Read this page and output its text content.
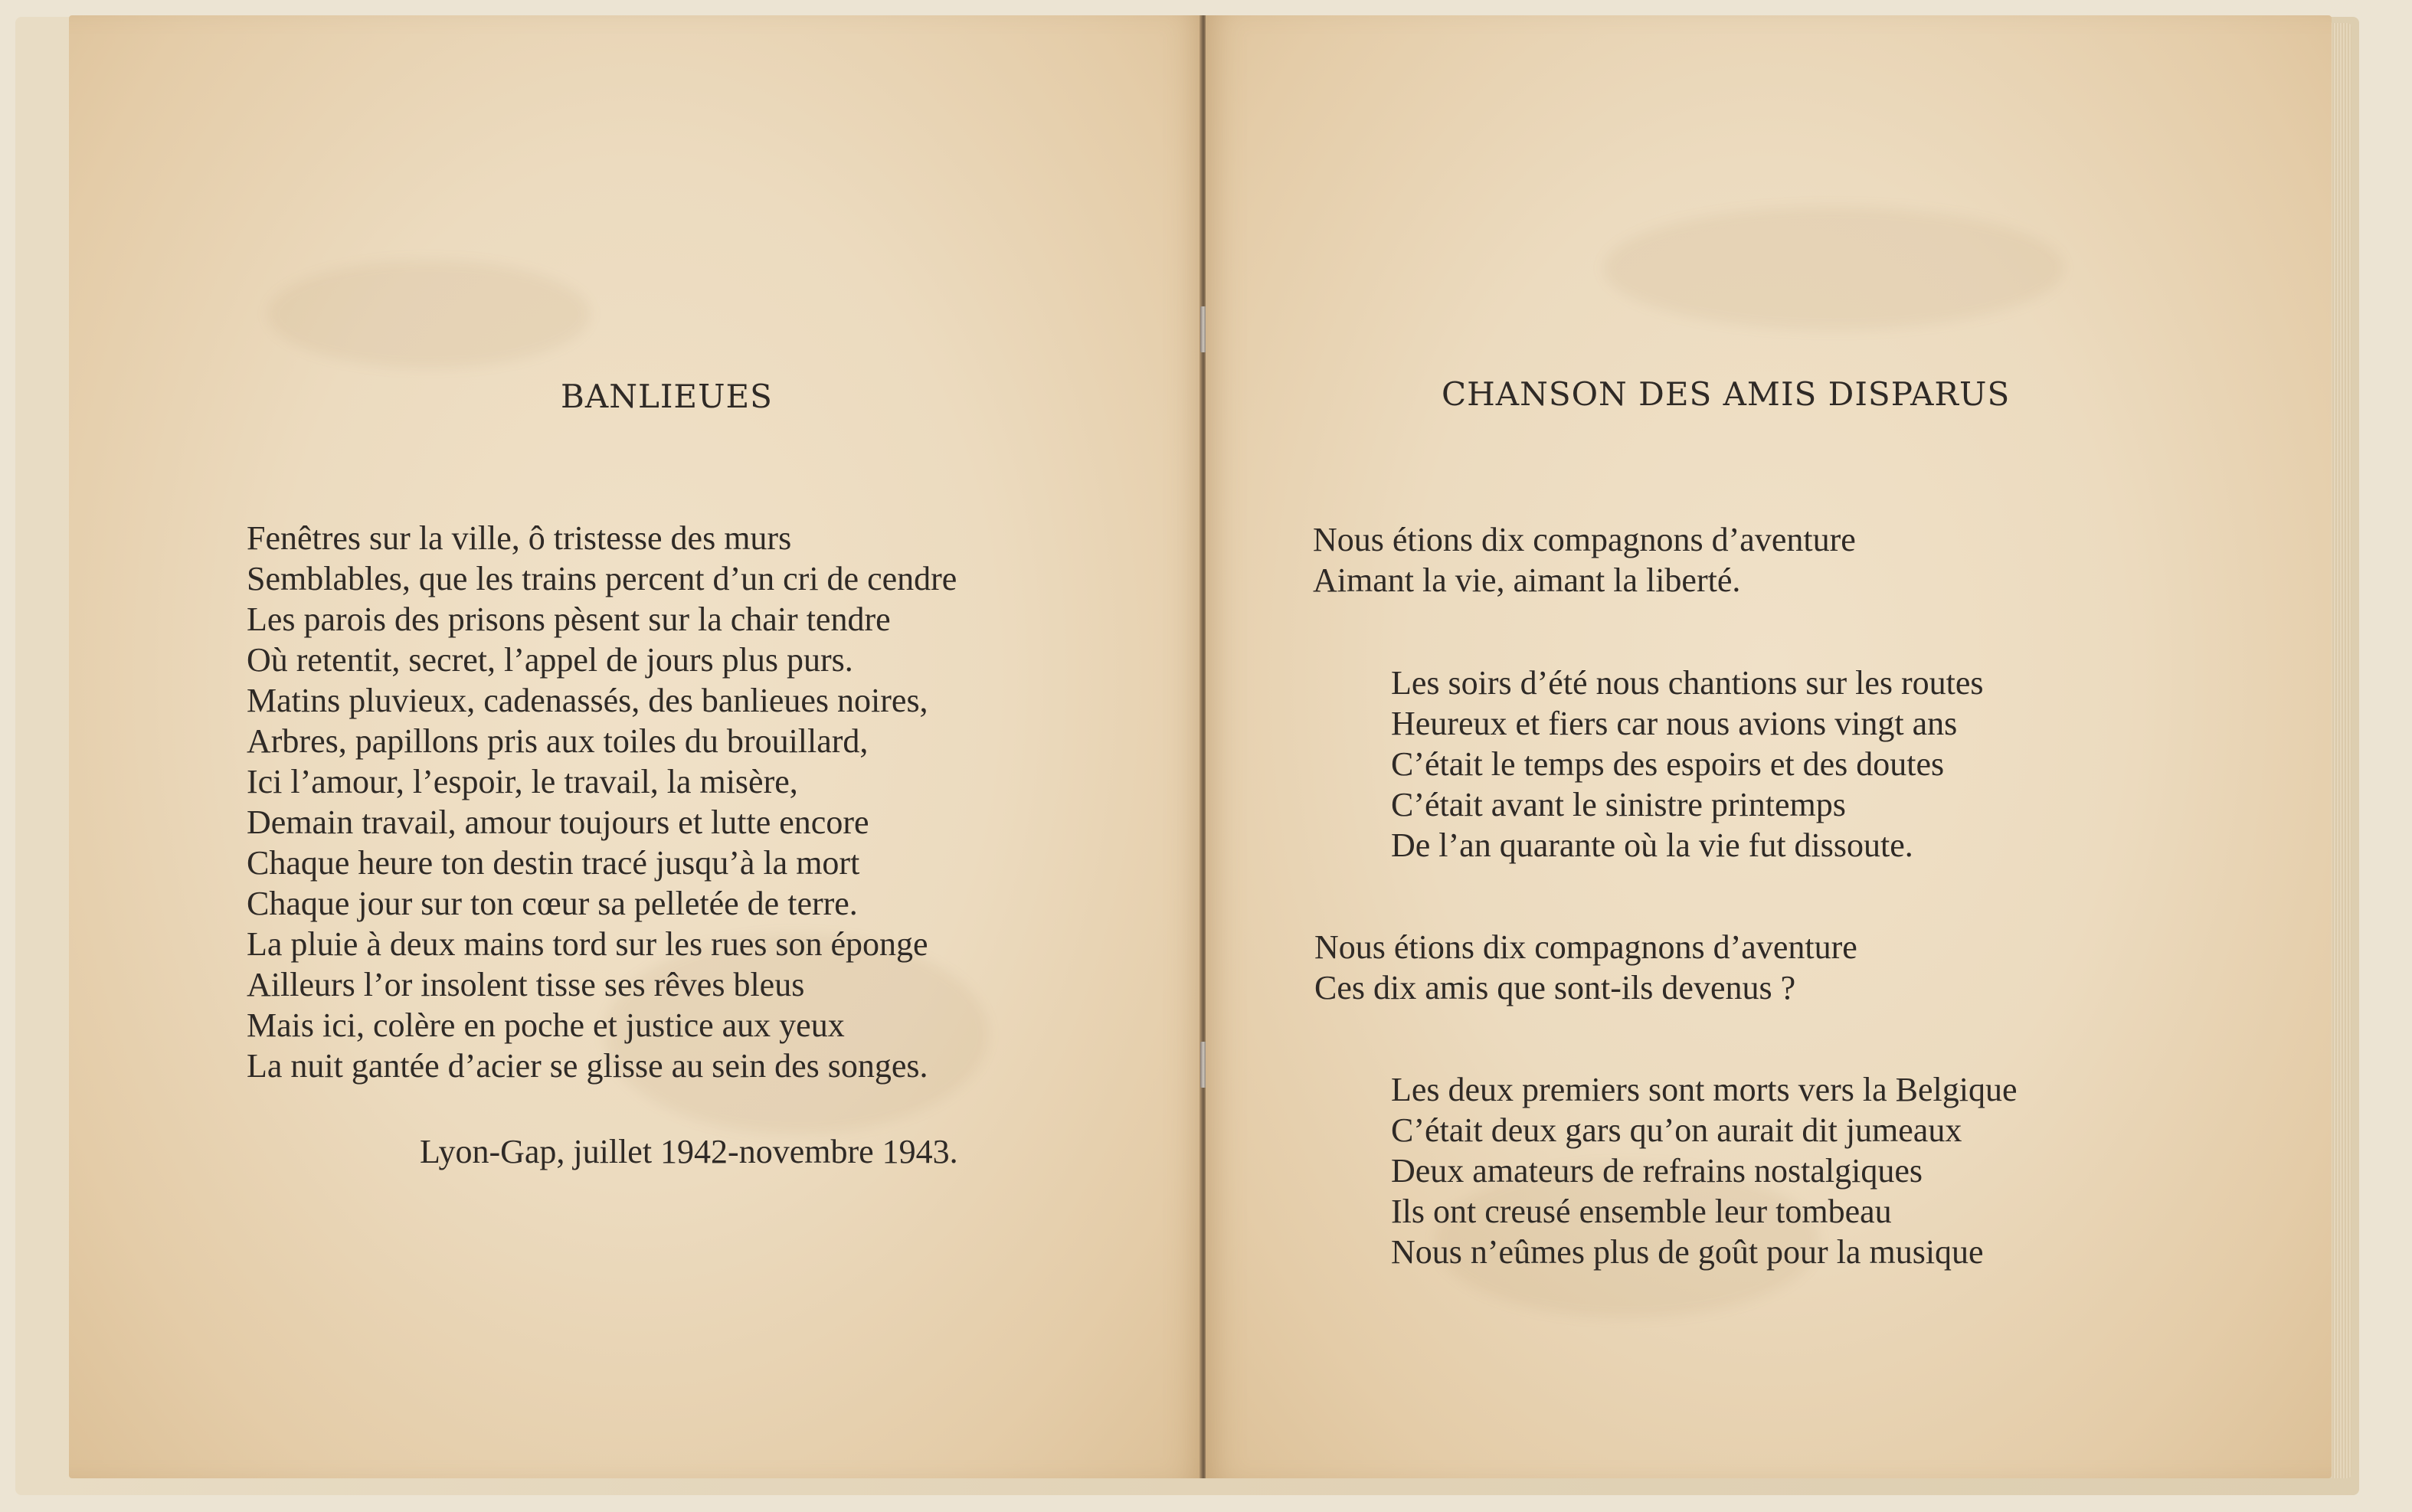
BANLIEUES
Fenêtres sur la ville, ô tristesse des murs
Semblables, que les trains percent d’un cri de cendre
Les parois des prisons pèsent sur la chair tendre
Où retentit, secret, l’appel de jours plus purs.
Matins pluvieux, cadenassés, des banlieues noires,
Arbres, papillons pris aux toiles du brouillard,
Ici l’amour, l’espoir, le travail, la misère,
Demain travail, amour toujours et lutte encore
Chaque heure ton destin tracé jusqu’à la mort
Chaque jour sur ton cœur sa pelletée de terre.
La pluie à deux mains tord sur les rues son éponge
Ailleurs l’or insolent tisse ses rêves bleus
Mais ici, colère en poche et justice aux yeux
La nuit gantée d’acier se glisse au sein des songes.
Lyon-Gap, juillet 1942-novembre 1943.
CHANSON DES AMIS DISPARUS
Nous étions dix compagnons d’aventure
Aimant la vie, aimant la liberté.
Les soirs d’été nous chantions sur les routes
Heureux et fiers car nous avions vingt ans
C’était le temps des espoirs et des doutes
C’était avant le sinistre printemps
De l’an quarante où la vie fut dissoute.
Nous étions dix compagnons d’aventure
Ces dix amis que sont-ils devenus ?
Les deux premiers sont morts vers la Belgique
C’était deux gars qu’on aurait dit jumeaux
Deux amateurs de refrains nostalgiques
Ils ont creusé ensemble leur tombeau
Nous n’eûmes plus de goût pour la musique
